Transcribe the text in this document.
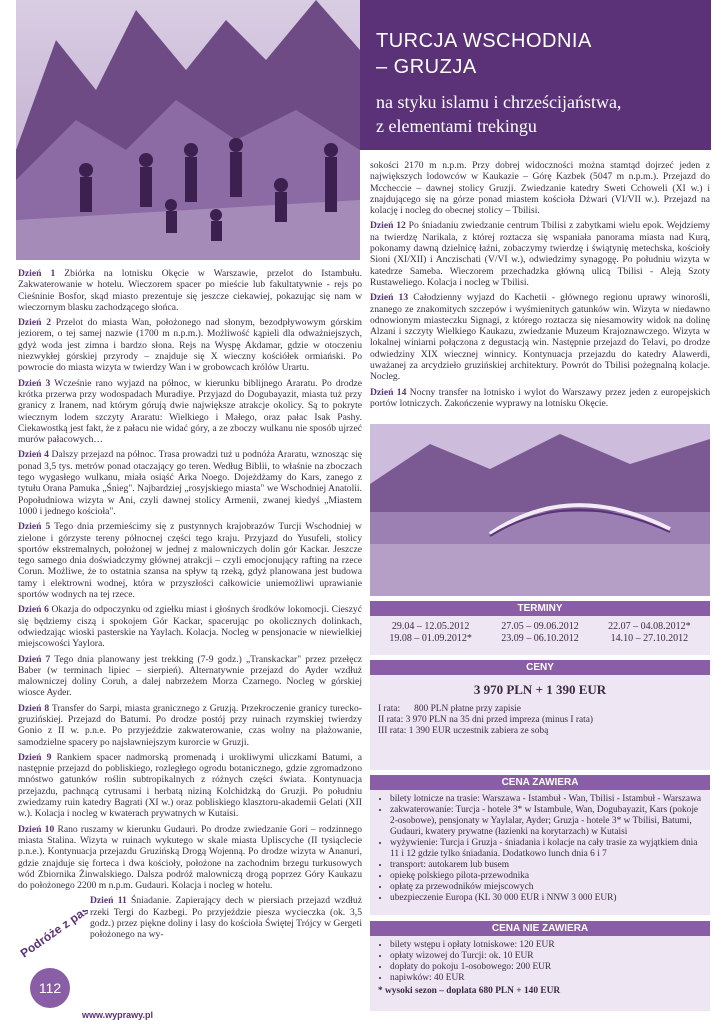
TURCJA WSCHODNIA
– GRUZJA
na styku islamu i chrześcijaństwa,
z elementami trekingu

Dzień 1 Zbiórka na lotnisku Okęcie w Warszawie, przelot do Istambułu. Zakwaterowanie w hotelu. Wieczorem spacer po mieście lub fakultatywnie - rejs po Cieśninie Bosfor, skąd miasto prezentuje się jeszcze ciekawiej, pokazując się nam w wieczornym blasku zachodzącego słońca.

Dzień 2 Przelot do miasta Wan, położonego nad słonym, bezodpływowym górskim jeziorem, o tej samej nazwie (1700 m n.p.m.). Możliwość kąpieli dla odważniejszych, gdyż woda jest zimna i bardzo słona. Rejs na Wyspę Akdamar, gdzie w otoczeniu niezwykłej górskiej przyrody – znajduje się X wieczny kościółek ormiański. Po powrocie do miasta wizyta w twierdzy Wan i w grobowcach królów Urartu.

Dzień 3 Wcześnie rano wyjazd na północ, w kierunku biblijnego Araratu. Po drodze krótka przerwa przy wodospadach Muradiye. Przyjazd do Dogubayazit, miasta tuż przy granicy z Iranem, nad którym górują dwie największe atrakcje okolicy. Są to pokryte wiecznym lodem szczyty Araratu: Wielkiego i Małego, oraz pałac Isak Pashy. Ciekawostką jest fakt, że z pałacu nie widać góry, a ze zboczy wulkanu nie sposób ujrzeć murów pałacowych…

Dzień 4 Dalszy przejazd na północ. Trasa prowadzi tuż u podnóża Araratu, wznosząc się ponad 3,5 tys. metrów ponad otaczający go teren. Według Biblii, to właśnie na zboczach tego wygasłego wulkanu, miała osiąść Arka Noego. Dojeżdżamy do Kars, zanego z tytułu Orana Pamuka „Śnieg". Najbardziej „rosyjskiego miasta" we Wschodniej Anatolii. Popołudniowa wizyta w Ani, czyli dawnej stolicy Armenii, zwanej kiedyś „Miastem 1000 i jednego kościoła".

Dzień 5 Tego dnia przemieścimy się z pustynnych krajobrazów Turcji Wschodniej w zielone i górzyste tereny północnej części tego kraju. Przyjazd do Yusufeli, stolicy sportów ekstremalnych, położonej w jednej z malowniczych dolin gór Kackar. Jeszcze tego samego dnia doświadczymy głównej atrakcji – czyli emocjonujący rafting na rzece Corun. Możliwe, że to ostatnia szansa na spływ tą rzeką, gdyż planowana jest budowa tamy i elektrowni wodnej, która w przyszłości całkowicie uniemożliwi uprawianie sportów wodnych na tej rzece.

Dzień 6 Okazja do odpoczynku od zgiełku miast i głośnych środków lokomocji. Cieszyć się będziemy ciszą i spokojem Gór Kackar, spacerując po okolicznych dolinkach, odwiedzając wioski pasterskie na Yaylach. Kolacja. Nocleg w pensjonacie w niewielkiej miejscowości Yaylora.

Dzień 7 Tego dnia planowany jest trekking (7-9 godz.) „Transkackar" przez przełęcz Baber (w terminach lipiec – sierpień). Alternatywnie przejazd do Ayder wzdłuż malowniczej doliny Coruh, a dalej nabrzeżem Morza Czarnego. Nocleg w górskiej wiosce Ayder.

Dzień 8 Transfer do Sarpi, miasta granicznego z Gruzją. Przekroczenie granicy turecko-gruzińskiej. Przejazd do Batumi. Po drodze postój przy ruinach rzymskiej twierdzy Gonio z II w. p.n.e. Po przyjeździe zakwaterowanie, czas wolny na plażowanie, samodzielne spacery po najsławniejszym kurorcie w Gruzji.

Dzień 9 Rankiem spacer nadmorską promenadą i urokliwymi uliczkami Batumi, a następnie przejazd do pobliskiego, rozległego ogrodu botanicznego, gdzie zgromadzono mnóstwo gatunków roślin subtropikalnych z różnych części świata. Kontynuacja przejazdu, pachnącą cytrusami i herbatą niziną Kolchidzką do Gruzji. Po południu zwiedzamy ruin katedry Bagrati (XI w.) oraz pobliskiego klasztoru-akademii Gelati (XII w.). Kolacja i nocleg w kwaterach prywatnych w Kutaisi.

Dzień 10 Rano ruszamy w kierunku Gudauri. Po drodze zwiedzanie Gori – rodzinnego miasta Stalina. Wizyta w ruinach wykutego w skale miasta Upliscyche (II tysiąclecie p.n.e.). Kontynuacja przejazdu Gruzińską Drogą Wojenną. Po drodze wizyta w Ananuri, gdzie znajduje się forteca i dwa kościoły, położone na zachodnim brzegu turkusowych wód Zbiornika Żinwalskiego. Dalsza podróż malowniczą drogą poprzez Góry Kaukazu do położonego 2200 m n.p.m. Gudauri. Kolacja i nocleg w hotelu.

Dzień 11 Śniadanie. Zapierający dech w piersiach przejazd wzdłuż rzeki Tergi do Kazbegi. Po przyjeździe piesza wycieczka (ok. 3,5 godz.) przez piękne doliny i lasy do kościoła Świętej Trójcy w Gergeti położonego na wy-

sokości 2170 m n.p.m. Przy dobrej widoczności można stamtąd dojrzeć jeden z największych lodowców w Kaukazie – Górę Kazbek (5047 m n.p.m.). Przejazd do Mccheccie – dawnej stolicy Gruzji. Zwiedzanie katedry Sweti Cchoweli (XI w.) i znajdującego się na górze ponad miastem kościoła Dżwari (VI/VII w.). Przejazd na kolację i nocleg do obecnej stolicy – Tbilisi.

Dzień 12 Po śniadaniu zwiedzanie centrum Tbilisi z zabytkami wielu epok. Wejdziemy na twierdzę Narikala, z której roztacza się wspaniała panorama miasta nad Kurą, pokonamy dawną dzielnicę łaźni, zobaczymy twierdzę i świątynię metechska, kościoły Sioni (XI/XII) i Anczischati (V/VI w.), odwiedzimy synagogę. Po południu wizyta w katedrze Sameba. Wieczorem przechadzka główną ulicą Tbilisi - Aleją Szoty Rustaweliego. Kolacja i nocleg w Tbilisi.

Dzień 13 Całodzienny wyjazd do Kachetii - głównego regionu uprawy winorośli, znanego ze znakomitych szczepów i wyśmienitych gatunków win. Wizyta w niedawno odnowionym miasteczku Signagi, z którego roztacza się niesamowity widok na dolinę Alzani i szczyty Wielkiego Kaukazu, zwiedzanie Muzeum Krajoznawczego. Wizyta w lokalnej winiarni połączona z degustacją win. Następnie przejazd do Telavi, po drodze odwiedziny XIX wiecznej winnicy. Kontynuacja przejazdu do katedry Alawerdi, uważanej za arcydzieło gruzińskiej architektury. Powrót do Tbilisi pożegnalną kolacje. Nocleg.

Dzień 14 Nocny transfer na lotnisko i wylot do Warszawy przez jeden z europejskich portów lotniczych. Zakończenie wyprawy na lotnisku Okęcie.

TERMINY
29.04 – 12.05.2012	27.05 – 09.06.2012	22.07 – 04.08.2012*
19.08 – 01.09.2012*	23.09 – 06.10.2012	14.10 – 27.10.2012
CENY
3 970 PLN + 1 390 EUR
I rata:      800 PLN płatne przy zapisie
II rata: 3 970 PLN na 35 dni przed impreza (minus I rata)
III rata: 1 390 EUR uczestnik zabiera ze sobą
CENA ZAWIERA
• bilety lotnicze na trasie: Warszawa - Istambuł - Wan, Tbilisi - Istambuł - Warszawa
• zakwaterowanie: Turcja - hotele 3* w Istambule, Wan, Dogubayazit, Kars (pokoje 2-osobowe), pensjonaty w Yaylalar, Ayder; Gruzja - hotele 3* w Tbilisi, Batumi, Gudauri, kwatery prywatne (łazienki na korytarzach) w Kutaisi
• wyżywienie: Turcja i Gruzja - śniadania i kolacje na cały trasie za wyjątkiem dnia 11 i 12 gdzie tylko śniadania. Dodatkowo lunch dnia 6 i 7
• transport: autokarem lub busem
• opiekę polskiego pilota-przewodnika
• opłatę za przewodników miejscowych
• ubezpieczenie Europa (KL 30 000 EUR i NNW 3 000 EUR)
CENA NIE ZAWIERA
• bilety wstępu i opłaty lotniskowe: 120 EUR
• opłaty wizowej do Turcji: ok. 10 EUR
• dopłaty do pokoju 1-osobowego: 200 EUR
• napiwków: 40 EUR
* wysoki sezon – doplata 680 PLN + 140 EUR
Podróże z pasją!
112
www.wyprawy.pl
